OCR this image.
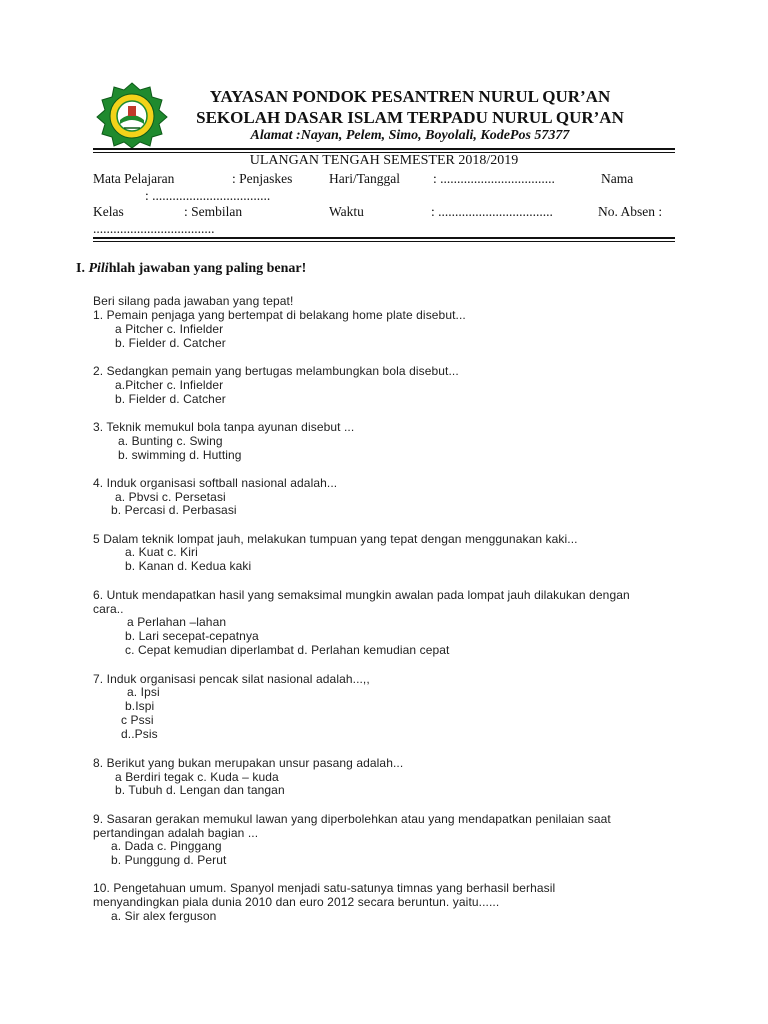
YAYASAN PONDOK PESANTREN NURUL QUR’AN
SEKOLAH DASAR ISLAM TERPADU NURUL QUR’AN
Alamat :Nayan, Pelem, Simo, Boyolali, KodePos 57377
ULANGAN TENGAH SEMESTER 2018/2019
Mata Pelajaran	: Penjaskes	Hari/Tanggal : ..................................	Nama
: ...................................
Kelas	: Sembilan	Waktu	: ..................................	No. Absen :
....................................
I. Pilihlah jawaban yang paling benar!
Beri silang pada jawaban yang tepat!
1. Pemain penjaga yang bertempat di belakang home plate disebut...
a Pitcher c. Infielder
b. Fielder d. Catcher
2. Sedangkan pemain yang bertugas melambungkan bola disebut...
a.Pitcher c. Infielder
b. Fielder d. Catcher
3. Teknik memukul bola tanpa ayunan disebut ...
a. Bunting c. Swing
b. swimming d. Hutting
4. Induk organisasi softball nasional adalah...
a. Pbvsi c. Persetasi
b. Percasi d. Perbasasi
5 Dalam teknik lompat jauh, melakukan tumpuan yang tepat dengan menggunakan kaki...
a. Kuat c. Kiri
b. Kanan d. Kedua kaki
6. Untuk mendapatkan hasil yang semaksimal mungkin awalan pada lompat jauh dilakukan dengan
cara..
a Perlahan –lahan
b. Lari secepat-cepatnya
c. Cepat kemudian diperlambat d. Perlahan kemudian cepat
7. Induk organisasi pencak silat nasional adalah...,,
a. Ipsi
b.Ispi
c Pssi
d..Psis
8. Berikut yang bukan merupakan unsur pasang adalah...
a Berdiri tegak c. Kuda – kuda
b. Tubuh d. Lengan dan tangan
9. Sasaran gerakan memukul lawan yang diperbolehkan atau yang mendapatkan penilaian saat
pertandingan adalah bagian ...
a. Dada c. Pinggang
b. Punggung d. Perut
10. Pengetahuan umum. Spanyol menjadi satu-satunya timnas yang berhasil berhasil
menyandingkan piala dunia 2010 dan euro 2012 secara beruntun. yaitu......
a. Sir alex ferguson
